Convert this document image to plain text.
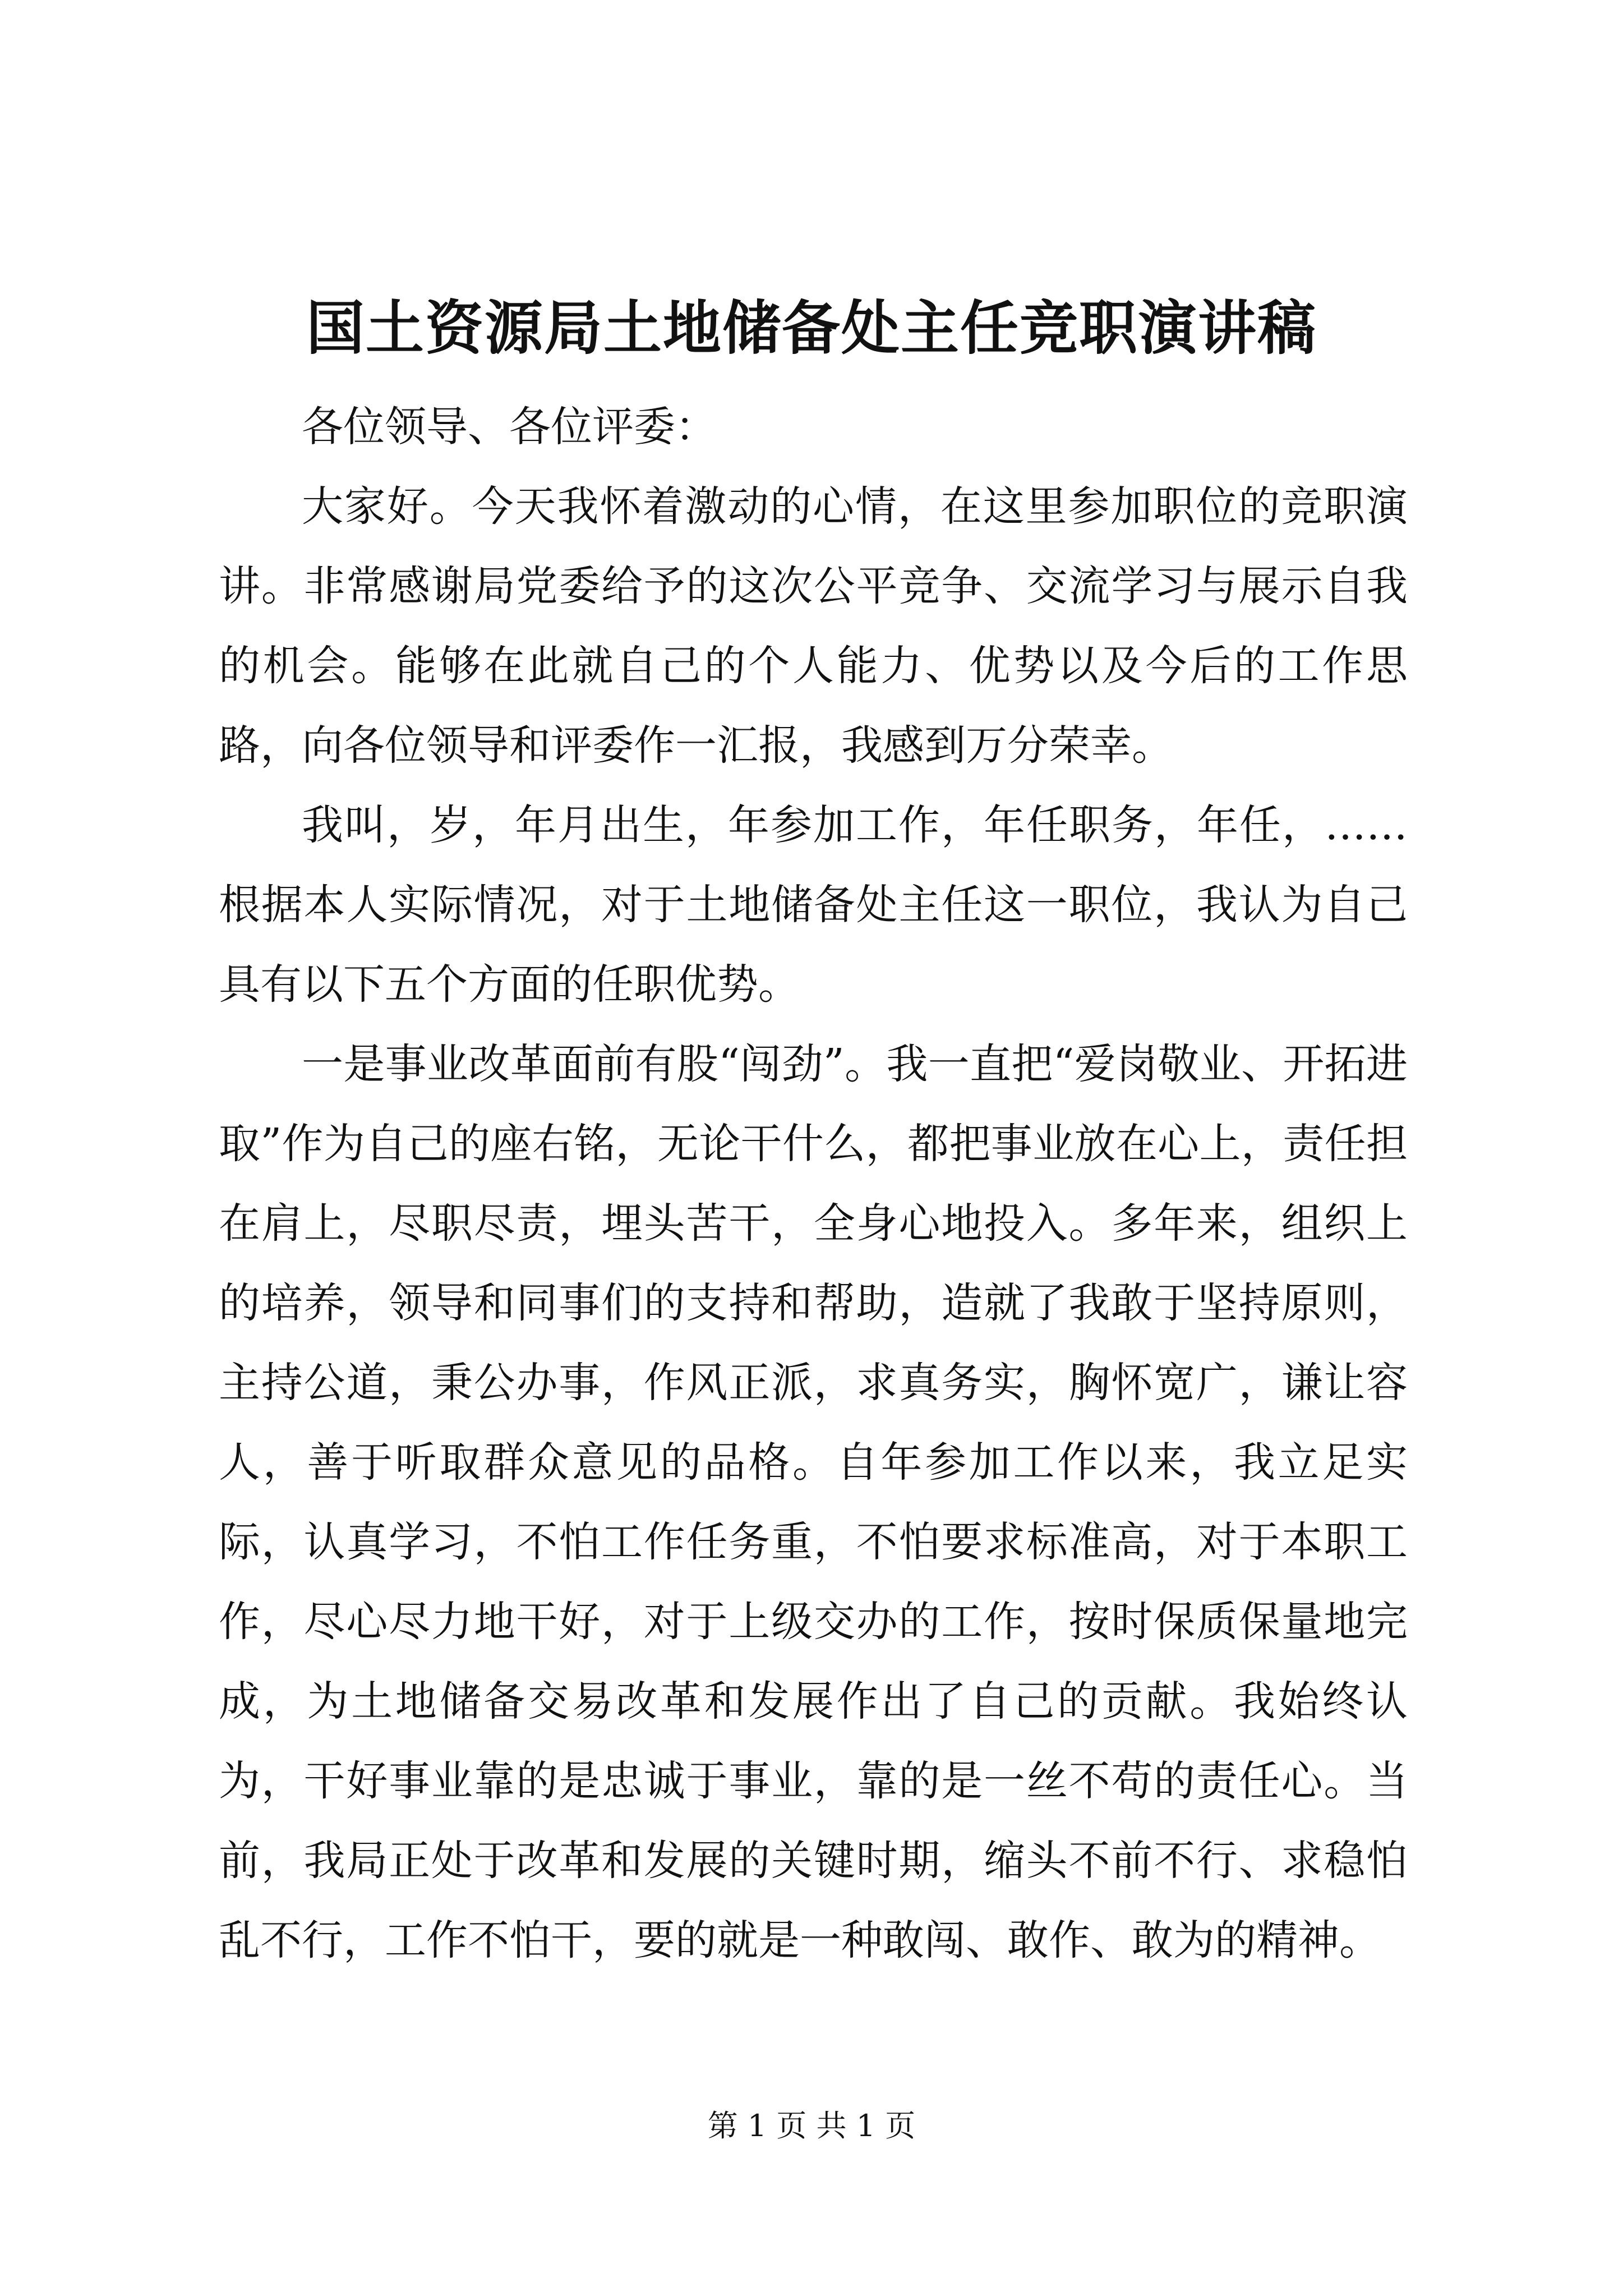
国土资源局土地储备处主任竞职演讲稿

各位领导、各位评委：

大家好。今天我怀着激动的心情，在这里参加职位的竞职演讲。非常感谢局党委给予的这次公平竞争、交流学习与展示自我的机会。能够在此就自己的个人能力、优势以及今后的工作思路，向各位领导和评委作一汇报，我感到万分荣幸。

我叫，岁，年月出生，年参加工作，年任职务，年任，……根据本人实际情况，对于土地储备处主任这一职位，我认为自己具有以下五个方面的任职优势。

一是事业改革面前有股“闯劲”。我一直把“爱岗敬业、开拓进取”作为自己的座右铭，无论干什么，都把事业放在心上，责任担在肩上，尽职尽责，埋头苦干，全身心地投入。多年来，组织上的培养，领导和同事们的支持和帮助，造就了我敢于坚持原则，主持公道，秉公办事，作风正派，求真务实，胸怀宽广，谦让容人，善于听取群众意见的品格。自年参加工作以来，我立足实际，认真学习，不怕工作任务重，不怕要求标准高，对于本职工作，尽心尽力地干好，对于上级交办的工作，按时保质保量地完成，为土地储备交易改革和发展作出了自己的贡献。我始终认为，干好事业靠的是忠诚于事业，靠的是一丝不苟的责任心。当前，我局正处于改革和发展的关键时期，缩头不前不行、求稳怕乱不行，工作不怕干，要的就是一种敢闯、敢作、敢为的精神。

第 1 页 共 1 页
